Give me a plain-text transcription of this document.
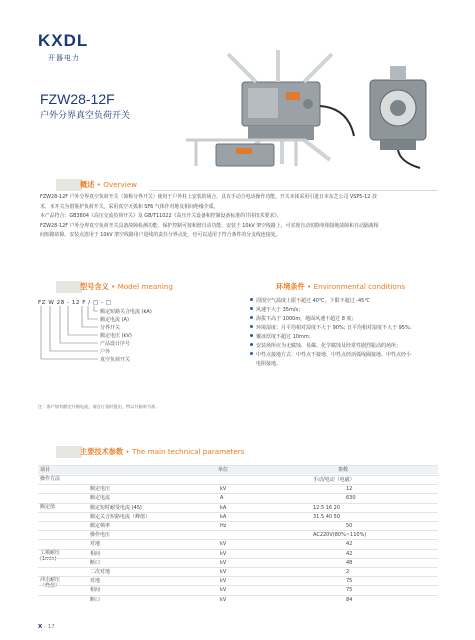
KXDL
开器电力
FZW28-12F
户外分界真空负荷开关
概述 • Overview
FZW28-12F 户外分界真空负荷开关（简称分界开关）使用于户外柱上安装的场合，具有手动合电动操作功能。开关本体采用引进日本东芝公司 VSP5-12 技
术，本开关为借鉴护负荷开关。采用真空灭弧和 SF6 气体作对地及相间绝缘介质。
本产品符合：GB3804《高压交流负荷开关》及 GB/T11022《高压开关设备和控制设备标准的共用技术要求》。
FZW28-12F 户外分界真空负荷开关具备故障检测功能，保护控制可按和谐自动功能，安装于 10kV 架空线路上，可实现自动切除单相接地故障和自动隔离相
间短路故障。安装点选用于 10kV 架空线路用户进线的责任分界点处，也可以适用于符合条件的分支线连接处。
型号含义 • Model meaning
FZ W 28 - 12 F / □ - □
额定短路关合电流 (kA)
额定电流 (A)
分界开关
额定电压 (kV)
产品设计序号
户外
真空负荷开关
注：客户如有额定开断电流，请在订货时提出，特以开箱单为准。
环境条件 • Environmental conditions
周围空气温度上限不超过 40℃，下限不超过 -45℃
风速不大于 35m/s；
海拔不高于 1000m，地面风速不超过 8 度；
环境湿度：月平均相对湿度不大于 90%; 日平均相对湿度不大于 95%；
覆冰厚度不超过 10mm；
安装场所应为无腐蚀、易爆、化学腐蚀及经常性剧烈振动的场所；
中性点接地方式：中性点不接地、中性点经消弧线圈接地、中性点经小
电阻接地。
主要技术参数 • The main technical parameters
项目	单位	参数
操作方法	手动/电动（电磁）
额定电压	kV	12
额定电流	A	630
额定值	额定短时耐受电流 (4S)	kA	12.5 16 20
额定关合短路电流（峰值）	kA	31.5 40 50
额定频率	Hz	50
操作电压	AC220V(80%~110%)
对地	kV	42
工频耐压
(1min)
相间	kV	42
断口	kV	48
二次对地	kV	2
冲击耐压
（峰值）
对地	kV	75
相间	kV	75
断口	kV	84
X - 17
